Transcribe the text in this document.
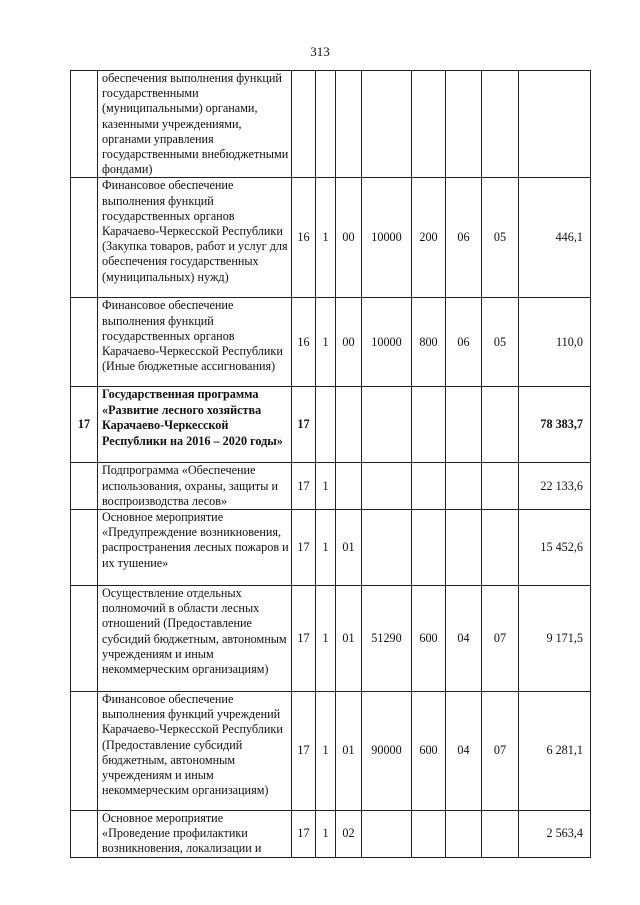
313
	обеспечения выполнения функций государственными (муниципальными) органами, казенными учреждениями, органами управления государственными внебюджетными фондами)								
	Финансовое обеспечение выполнения функций государственных органов Карачаево-Черкесской Республики (Закупка товаров, работ и услуг для обеспечения государственных (муниципальных) нужд)	16	1	00	10000	200	06	05	446,1
	Финансовое обеспечение выполнения функций государственных органов Карачаево-Черкесской Республики (Иные бюджетные ассигнования)	16	1	00	10000	800	06	05	110,0
17	Государственная программа «Развитие лесного хозяйства Карачаево-Черкесской Республики на 2016 – 2020 годы»	17							78 383,7
	Подпрограмма «Обеспечение использования, охраны, защиты и воспроизводства лесов»	17	1						22 133,6
	Основное мероприятие «Предупреждение возникновения, распространения лесных пожаров и их тушение»	17	1	01					15 452,6
	Осуществление отдельных полномочий в области лесных отношений (Предоставление субсидий бюджетным, автономным учреждениям и иным некоммерческим организациям)	17	1	01	51290	600	04	07	9 171,5
	Финансовое обеспечение выполнения функций учреждений Карачаево-Черкесской Республики (Предоставление субсидий бюджетным, автономным учреждениям и иным некоммерческим организациям)	17	1	01	90000	600	04	07	6 281,1
	Основное мероприятие «Проведение профилактики возникновения, локализации и	17	1	02					2 563,4
